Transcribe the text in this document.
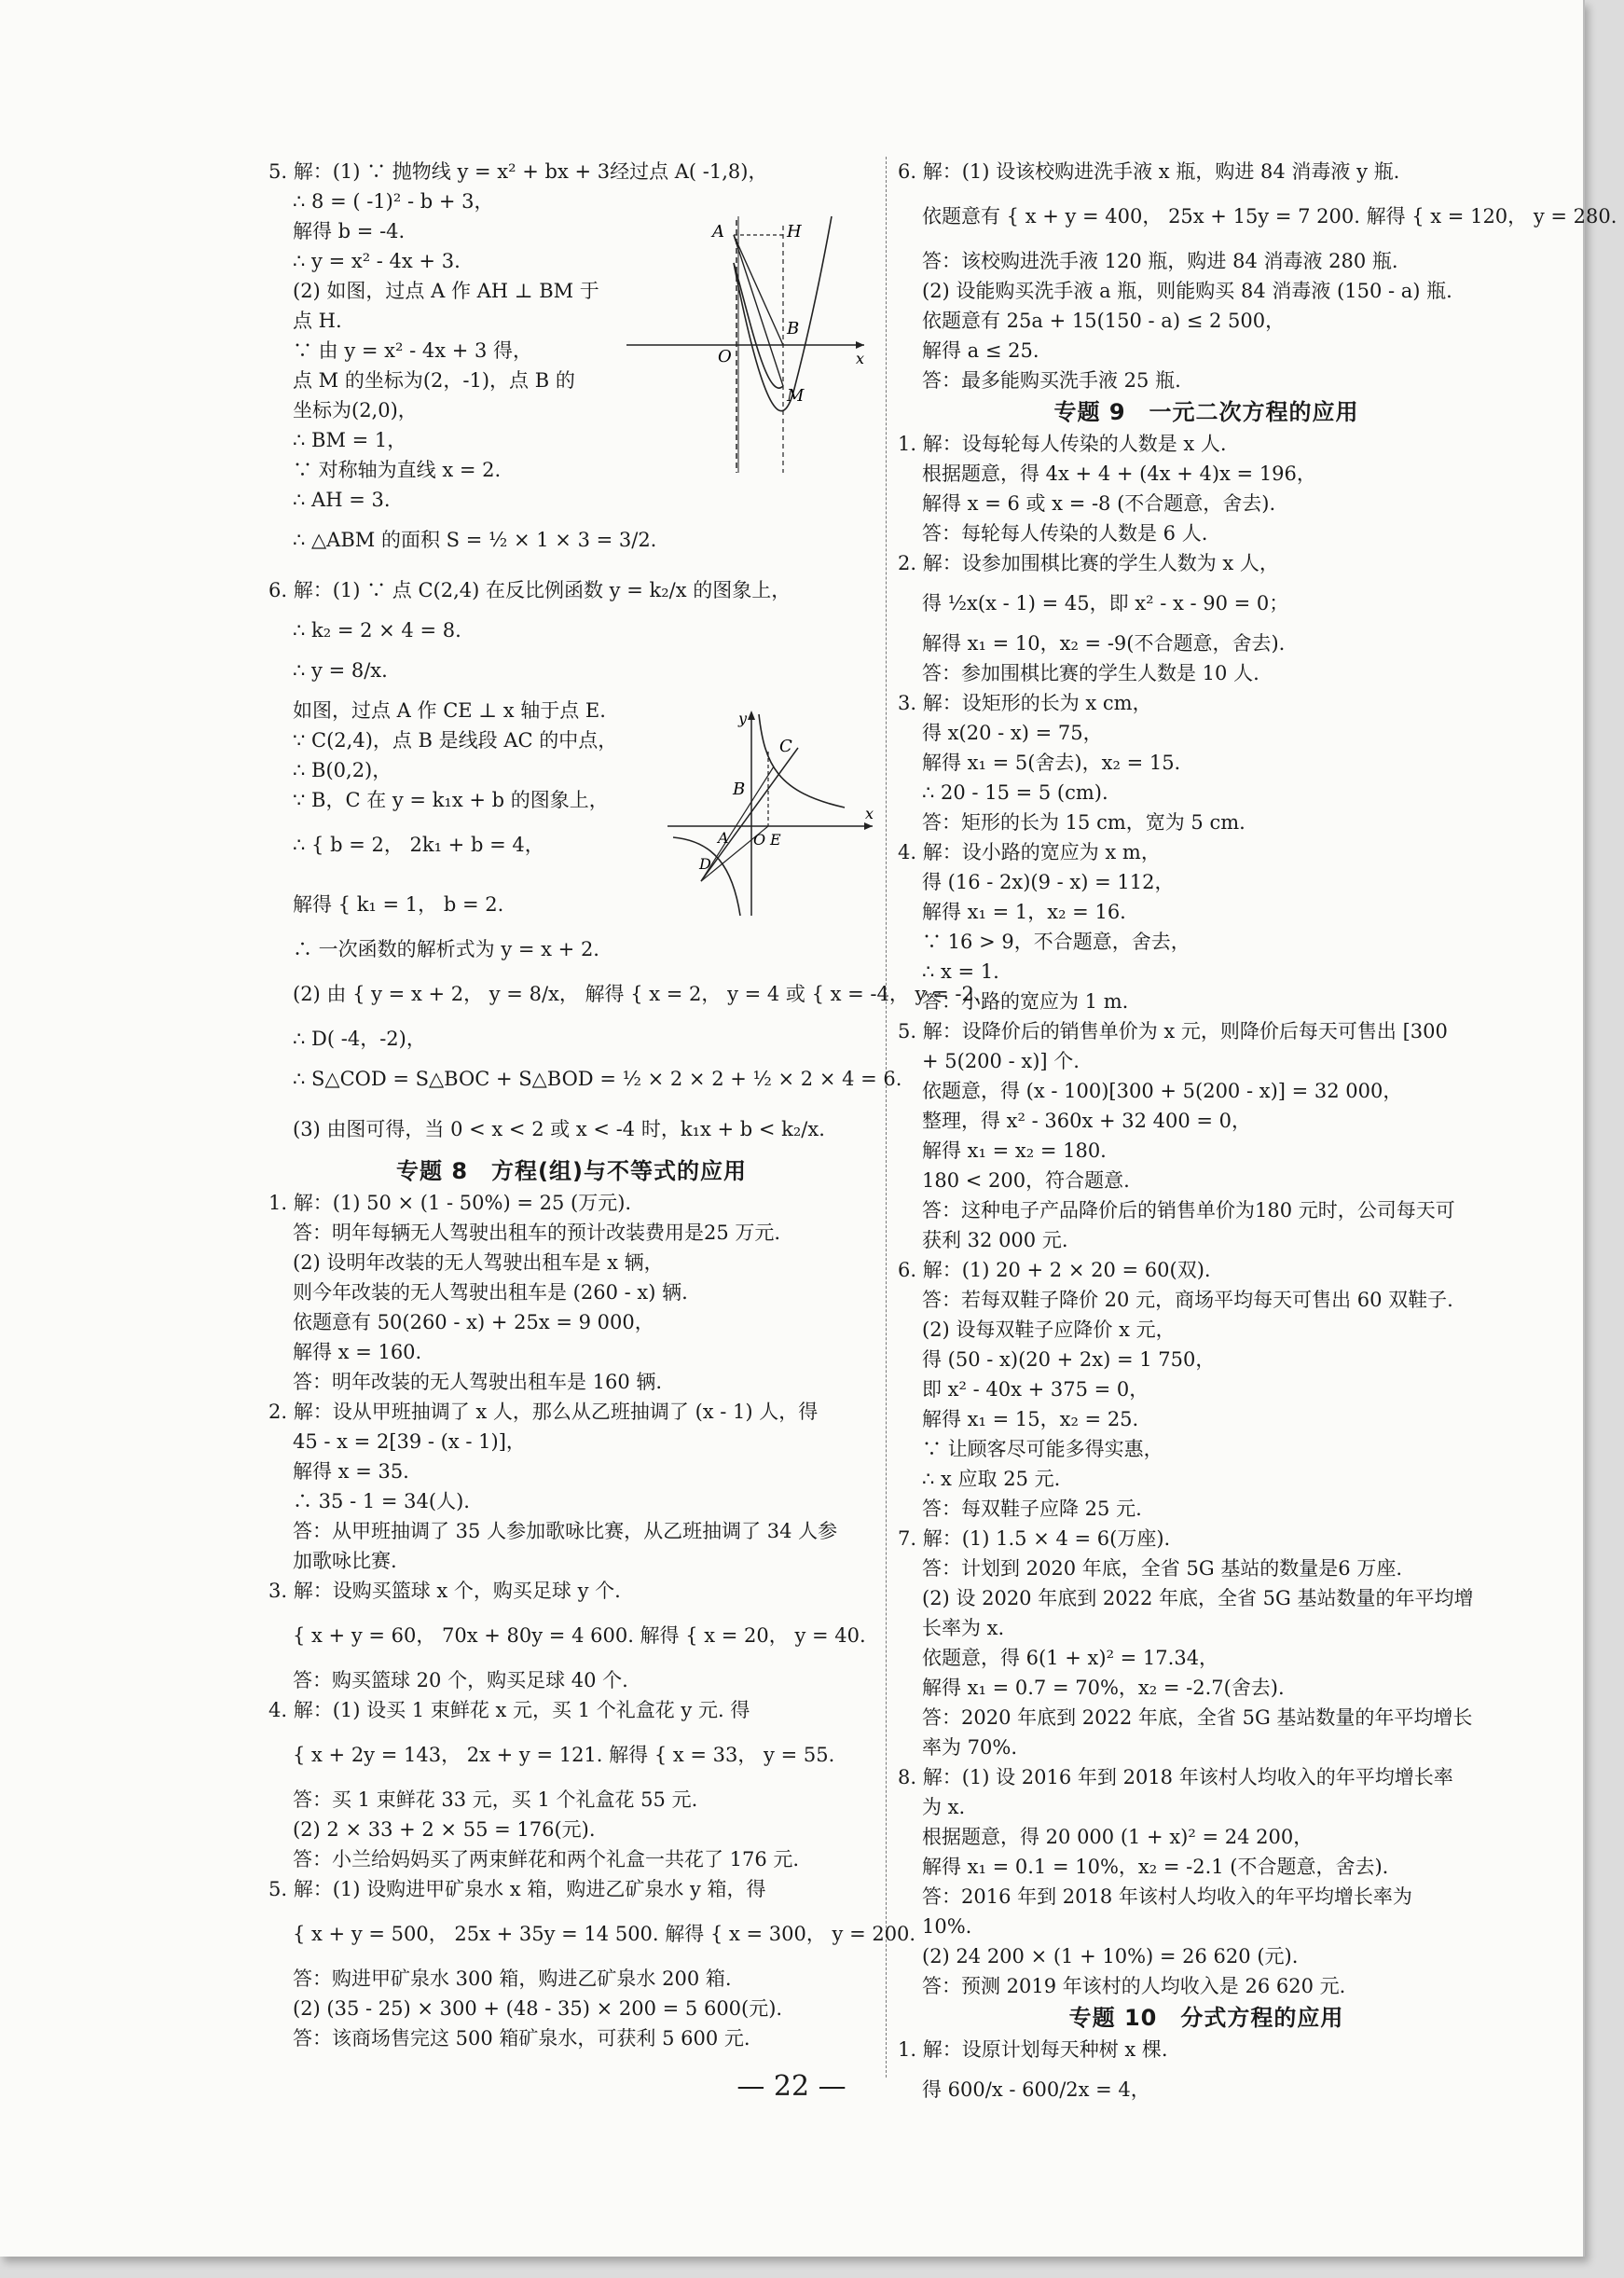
5. 解：(1) ∵ 抛物线 y = x² + bx + 3经过点 A( -1,8)，
∴ 8 = ( -1)² - b + 3，
解得 b = -4.
∴ y = x² - 4x + 3.
(2) 如图，过点 A 作 AH ⊥ BM 于
点 H.
∵ 由 y = x² - 4x + 3 得，
点 M 的坐标为(2，-1)，点 B 的
坐标为(2,0)，
∴ BM = 1，
∵ 对称轴为直线 x = 2.
∴ AH = 3.
∴ △ABM 的面积 S = ½ × 1 × 3 = 3/2.
6. 解：(1) ∵ 点 C(2,4) 在反比例函数 y = k₂/x 的图象上，
∴ k₂ = 2 × 4 = 8.
∴ y = 8/x.
如图，过点 A 作 CE ⊥ x 轴于点 E.
∵ C(2,4)，点 B 是线段 AC 的中点，
∴ B(0,2)，
∵ B，C 在 y = k₁x + b 的图象上，
∴ { b = 2， 2k₁ + b = 4，
解得 { k₁ = 1， b = 2.
∴ 一次函数的解析式为 y = x + 2.
(2) 由 { y = x + 2， y = 8/x， 解得 { x = 2， y = 4 或 { x = -4， y = -2.
∴ D( -4，-2)，
∴ S△COD = S△BOC + S△BOD = ½ × 2 × 2 + ½ × 2 × 4 = 6.
(3) 由图可得，当 0 < x < 2 或 x < -4 时，k₁x + b < k₂/x.
专题 8　方程(组)与不等式的应用
1. 解：(1) 50 × (1 - 50%) = 25 (万元).
答：明年每辆无人驾驶出租车的预计改装费用是25 万元.
(2) 设明年改装的无人驾驶出租车是 x 辆，
则今年改装的无人驾驶出租车是 (260 - x) 辆.
依题意有 50(260 - x) + 25x = 9 000，
解得 x = 160.
答：明年改装的无人驾驶出租车是 160 辆.
2. 解：设从甲班抽调了 x 人，那么从乙班抽调了 (x - 1) 人，得
45 - x = 2[39 - (x - 1)]，
解得 x = 35.
∴ 35 - 1 = 34(人).
答：从甲班抽调了 35 人参加歌咏比赛，从乙班抽调了 34 人参
加歌咏比赛.
3. 解：设购买篮球 x 个，购买足球 y 个.
{ x + y = 60， 70x + 80y = 4 600. 解得 { x = 20， y = 40.
答：购买篮球 20 个，购买足球 40 个.
4. 解：(1) 设买 1 束鲜花 x 元，买 1 个礼盒花 y 元. 得
{ x + 2y = 143， 2x + y = 121. 解得 { x = 33， y = 55.
答：买 1 束鲜花 33 元，买 1 个礼盒花 55 元.
(2) 2 × 33 + 2 × 55 = 176(元).
答：小兰给妈妈买了两束鲜花和两个礼盒一共花了 176 元.
5. 解：(1) 设购进甲矿泉水 x 箱，购进乙矿泉水 y 箱，得
{ x + y = 500， 25x + 35y = 14 500. 解得 { x = 300， y = 200.
答：购进甲矿泉水 300 箱，购进乙矿泉水 200 箱.
(2) (35 - 25) × 300 + (48 - 35) × 200 = 5 600(元).
答：该商场售完这 500 箱矿泉水，可获利 5 600 元.
A	H
B
O
M
x
y
C
B
O E
A
D
x
6. 解：(1) 设该校购进洗手液 x 瓶，购进 84 消毒液 y 瓶.
依题意有 { x + y = 400， 25x + 15y = 7 200. 解得 { x = 120， y = 280.
答：该校购进洗手液 120 瓶，购进 84 消毒液 280 瓶.
(2) 设能购买洗手液 a 瓶，则能购买 84 消毒液 (150 - a) 瓶.
依题意有 25a + 15(150 - a) ≤ 2 500，
解得 a ≤ 25.
答：最多能购买洗手液 25 瓶.
专题 9　一元二次方程的应用
1. 解：设每轮每人传染的人数是 x 人.
根据题意，得 4x + 4 + (4x + 4)x = 196，
解得 x = 6 或 x = -8 (不合题意，舍去).
答：每轮每人传染的人数是 6 人.
2. 解：设参加围棋比赛的学生人数为 x 人，
得 ½x(x - 1) = 45，即 x² - x - 90 = 0；
解得 x₁ = 10，x₂ = -9(不合题意，舍去).
答：参加围棋比赛的学生人数是 10 人.
3. 解：设矩形的长为 x cm，
得 x(20 - x) = 75，
解得 x₁ = 5(舍去)，x₂ = 15.
∴ 20 - 15 = 5 (cm).
答：矩形的长为 15 cm，宽为 5 cm.
4. 解：设小路的宽应为 x m，
得 (16 - 2x)(9 - x) = 112，
解得 x₁ = 1，x₂ = 16.
∵ 16 > 9，不合题意，舍去，
∴ x = 1.
答：小路的宽应为 1 m.
5. 解：设降价后的销售单价为 x 元，则降价后每天可售出 [300
+ 5(200 - x)] 个.
依题意，得 (x - 100)[300 + 5(200 - x)] = 32 000，
整理，得 x² - 360x + 32 400 = 0，
解得 x₁ = x₂ = 180.
180 < 200，符合题意.
答：这种电子产品降价后的销售单价为180 元时，公司每天可
获利 32 000 元.
6. 解：(1) 20 + 2 × 20 = 60(双).
答：若每双鞋子降价 20 元，商场平均每天可售出 60 双鞋子.
(2) 设每双鞋子应降价 x 元，
得 (50 - x)(20 + 2x) = 1 750，
即 x² - 40x + 375 = 0，
解得 x₁ = 15，x₂ = 25.
∵ 让顾客尽可能多得实惠，
∴ x 应取 25 元.
答：每双鞋子应降 25 元.
7. 解：(1) 1.5 × 4 = 6(万座).
答：计划到 2020 年底，全省 5G 基站的数量是6 万座.
(2) 设 2020 年底到 2022 年底，全省 5G 基站数量的年平均增
长率为 x.
依题意，得 6(1 + x)² = 17.34，
解得 x₁ = 0.7 = 70%，x₂ = -2.7(舍去).
答：2020 年底到 2022 年底，全省 5G 基站数量的年平均增长
率为 70%.
8. 解：(1) 设 2016 年到 2018 年该村人均收入的年平均增长率
为 x.
根据题意，得 20 000 (1 + x)² = 24 200，
解得 x₁ = 0.1 = 10%，x₂ = -2.1 (不合题意，舍去).
答：2016 年到 2018 年该村人均收入的年平均增长率为
10%.
(2) 24 200 × (1 + 10%) = 26 620 (元).
答：预测 2019 年该村的人均收入是 26 620 元.
专题 10　分式方程的应用
1. 解：设原计划每天种树 x 棵.
得 600/x - 600/2x = 4，
— 22 —
